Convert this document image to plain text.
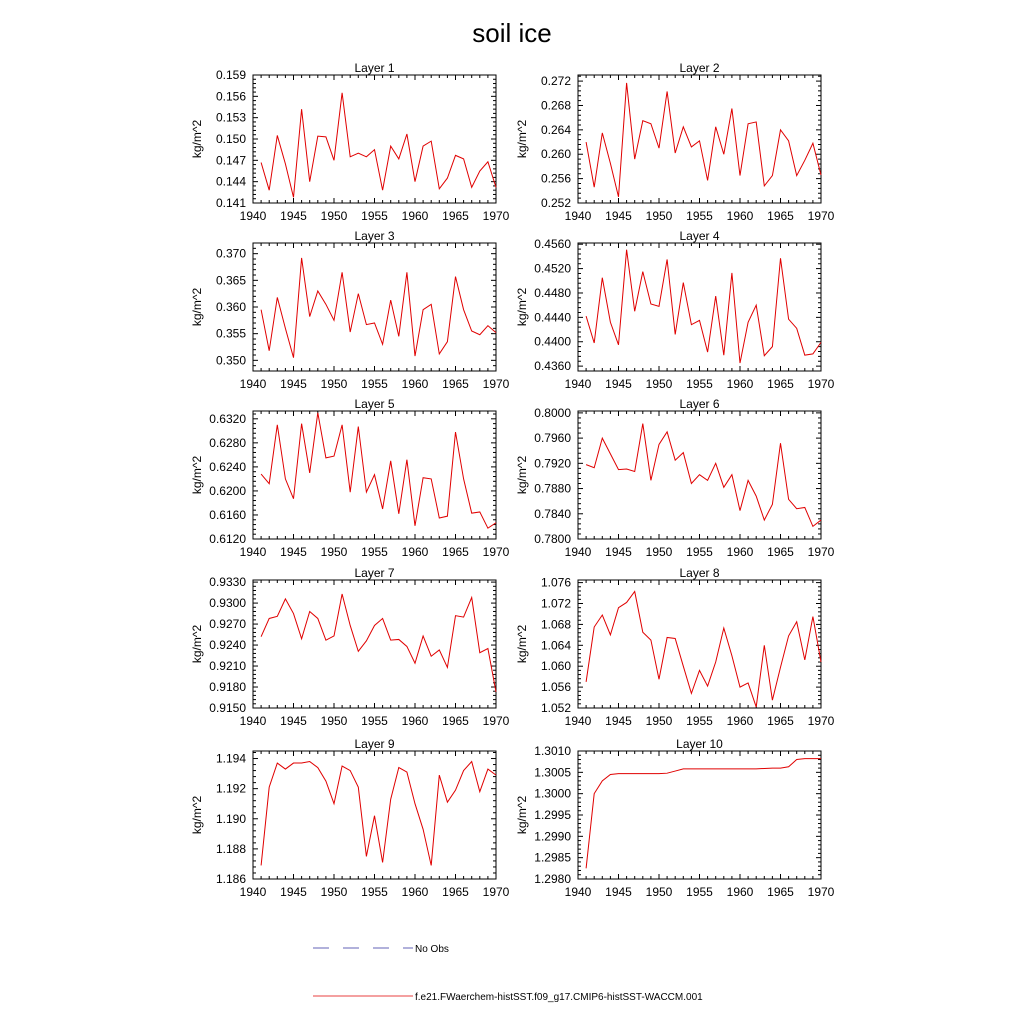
soil ice
Layer 1
kg/m^2
1940 1945 1950 1955 1960 1965 1970
0.141
0.144
0.147
0.150
0.153
0.156
0.159	Layer 2
kg/m^2
1940 1945 1950 1955 1960 1965 1970
0.252
0.256
0.260
0.264
0.268
0.272
Layer 3
kg/m^2
1940 1945 1950 1955 1960 1965 1970
0.350
0.355
0.360
0.365
0.370
Layer 4
kg/m^2
1940 1945 1950 1955 1960 1965 1970
0.4360
0.4400
0.4440
0.4480
0.4520
0.4560
Layer 5
kg/m^2
1940 1945 1950 1955 1960 1965 1970
0.6120
0.6160
0.6200
0.6240
0.6280
0.6320
Layer 6
kg/m^2
1940 1945 1950 1955 1960 1965 1970
0.7800
0.7840
0.7880
0.7920
0.7960
0.8000
Layer 7
kg/m^2
1940 1945 1950 1955 1960 1965 1970
0.9150
0.9180
0.9210
0.9240
0.9270
0.9300
0.9330
Layer 8
kg/m^2
1940 1945 1950 1955 1960 1965 1970
1.052
1.056
1.060
1.064
1.068
1.072
1.076
Layer 9
kg/m^2
1940 1945 1950 1955 1960 1965 1970
1.186
1.188
1.190
1.192
1.194
Layer 10
kg/m^2
1940 1945 1950 1955 1960 1965 1970
1.2980
1.2985
1.2990
1.2995
1.3000
1.3005
1.3010
No Obs
f.e21.FWaerchem-histSST.f09_g17.CMIP6-histSST-WACCM.001
